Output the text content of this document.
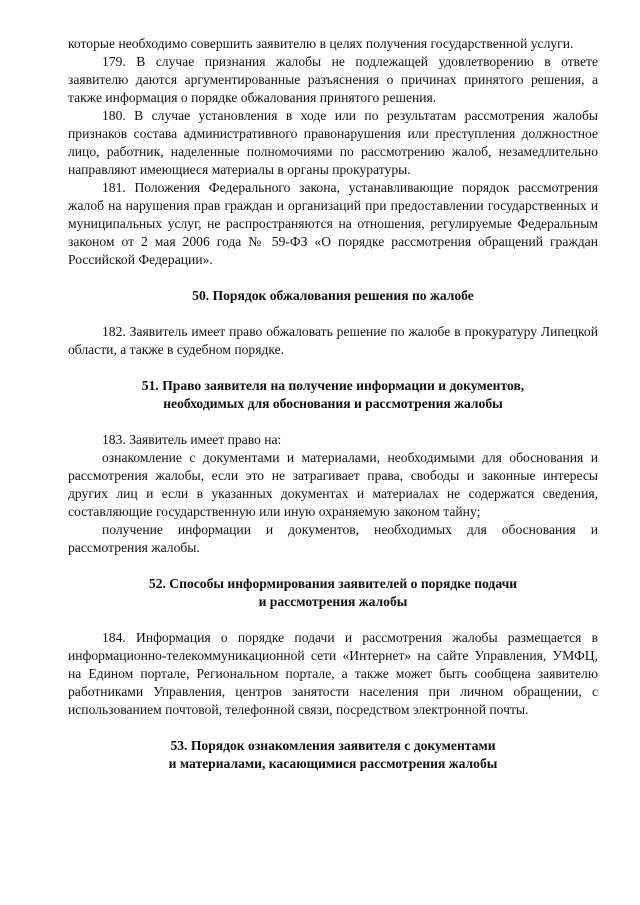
которые необходимо совершить заявителю в целях получения государственной услуги.

179. В случае признания жалобы не подлежащей удовлетворению в ответе заявителю даются аргументированные разъяснения о причинах принятого решения, а также информация о порядке обжалования принятого решения.

180. В случае установления в ходе или по результатам рассмотрения жалобы признаков состава административного правонарушения или преступления должностное лицо, работник, наделенные полномочиями по рассмотрению жалоб, незамедлительно направляют имеющиеся материалы в органы прокуратуры.

181. Положения Федерального закона, устанавливающие порядок рассмотрения жалоб на нарушения прав граждан и организаций при предоставлении государственных и муниципальных услуг, не распространяются на отношения, регулируемые Федеральным законом от 2 мая 2006 года № 59-ФЗ «О порядке рассмотрения обращений граждан Российской Федерации».

50. Порядок обжалования решения по жалобе

182. Заявитель имеет право обжаловать решение по жалобе в прокуратуру Липецкой области, а также в судебном порядке.

51. Право заявителя на получение информации и документов,
необходимых для обоснования и рассмотрения жалобы

183. Заявитель имеет право на:

ознакомление с документами и материалами, необходимыми для обоснования и рассмотрения жалобы, если это не затрагивает права, свободы и законные интересы других лиц и если в указанных документах и материалах не содержатся сведения, составляющие государственную или иную охраняемую законом тайну;

получение информации и документов, необходимых для обоснования и рассмотрения жалобы.

52. Способы информирования заявителей о порядке подачи
и рассмотрения жалобы

184. Информация о порядке подачи и рассмотрения жалобы размещается в информационно-телекоммуникационной сети «Интернет» на сайте Управления, УМФЦ, на Едином портале, Региональном портале, а также может быть сообщена заявителю работниками Управления, центров занятости населения при личном обращении, с использованием почтовой, телефонной связи, посредством электронной почты.

53. Порядок ознакомления заявителя с документами
и материалами, касающимися рассмотрения жалобы
